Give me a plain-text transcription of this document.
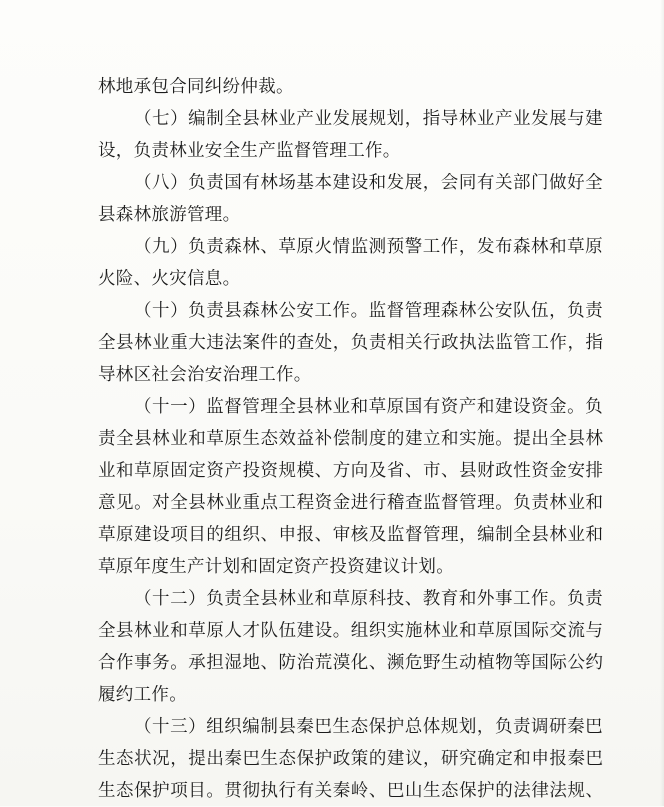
林地承包合同纠纷仲裁。
（七）编制全县林业产业发展规划，指导林业产业发展与建
设，负责林业安全生产监督管理工作。
（八）负责国有林场基本建设和发展，会同有关部门做好全
县森林旅游管理。
（九）负责森林、草原火情监测预警工作，发布森林和草原
火险、火灾信息。
（十）负责县森林公安工作。监督管理森林公安队伍，负责
全县林业重大违法案件的查处，负责相关行政执法监管工作，指
导林区社会治安治理工作。
（十一）监督管理全县林业和草原国有资产和建设资金。负
责全县林业和草原生态效益补偿制度的建立和实施。提出全县林
业和草原固定资产投资规模、方向及省、市、县财政性资金安排
意见。对全县林业重点工程资金进行稽查监督管理。负责林业和
草原建设项目的组织、申报、审核及监督管理，编制全县林业和
草原年度生产计划和固定资产投资建议计划。
（十二）负责全县林业和草原科技、教育和外事工作。负责
全县林业和草原人才队伍建设。组织实施林业和草原国际交流与
合作事务。承担湿地、防治荒漠化、濒危野生动植物等国际公约
履约工作。
（十三）组织编制县秦巴生态保护总体规划，负责调研秦巴
生态状况，提出秦巴生态保护政策的建议，研究确定和申报秦巴
生态保护项目。贯彻执行有关秦岭、巴山生态保护的法律法规、
